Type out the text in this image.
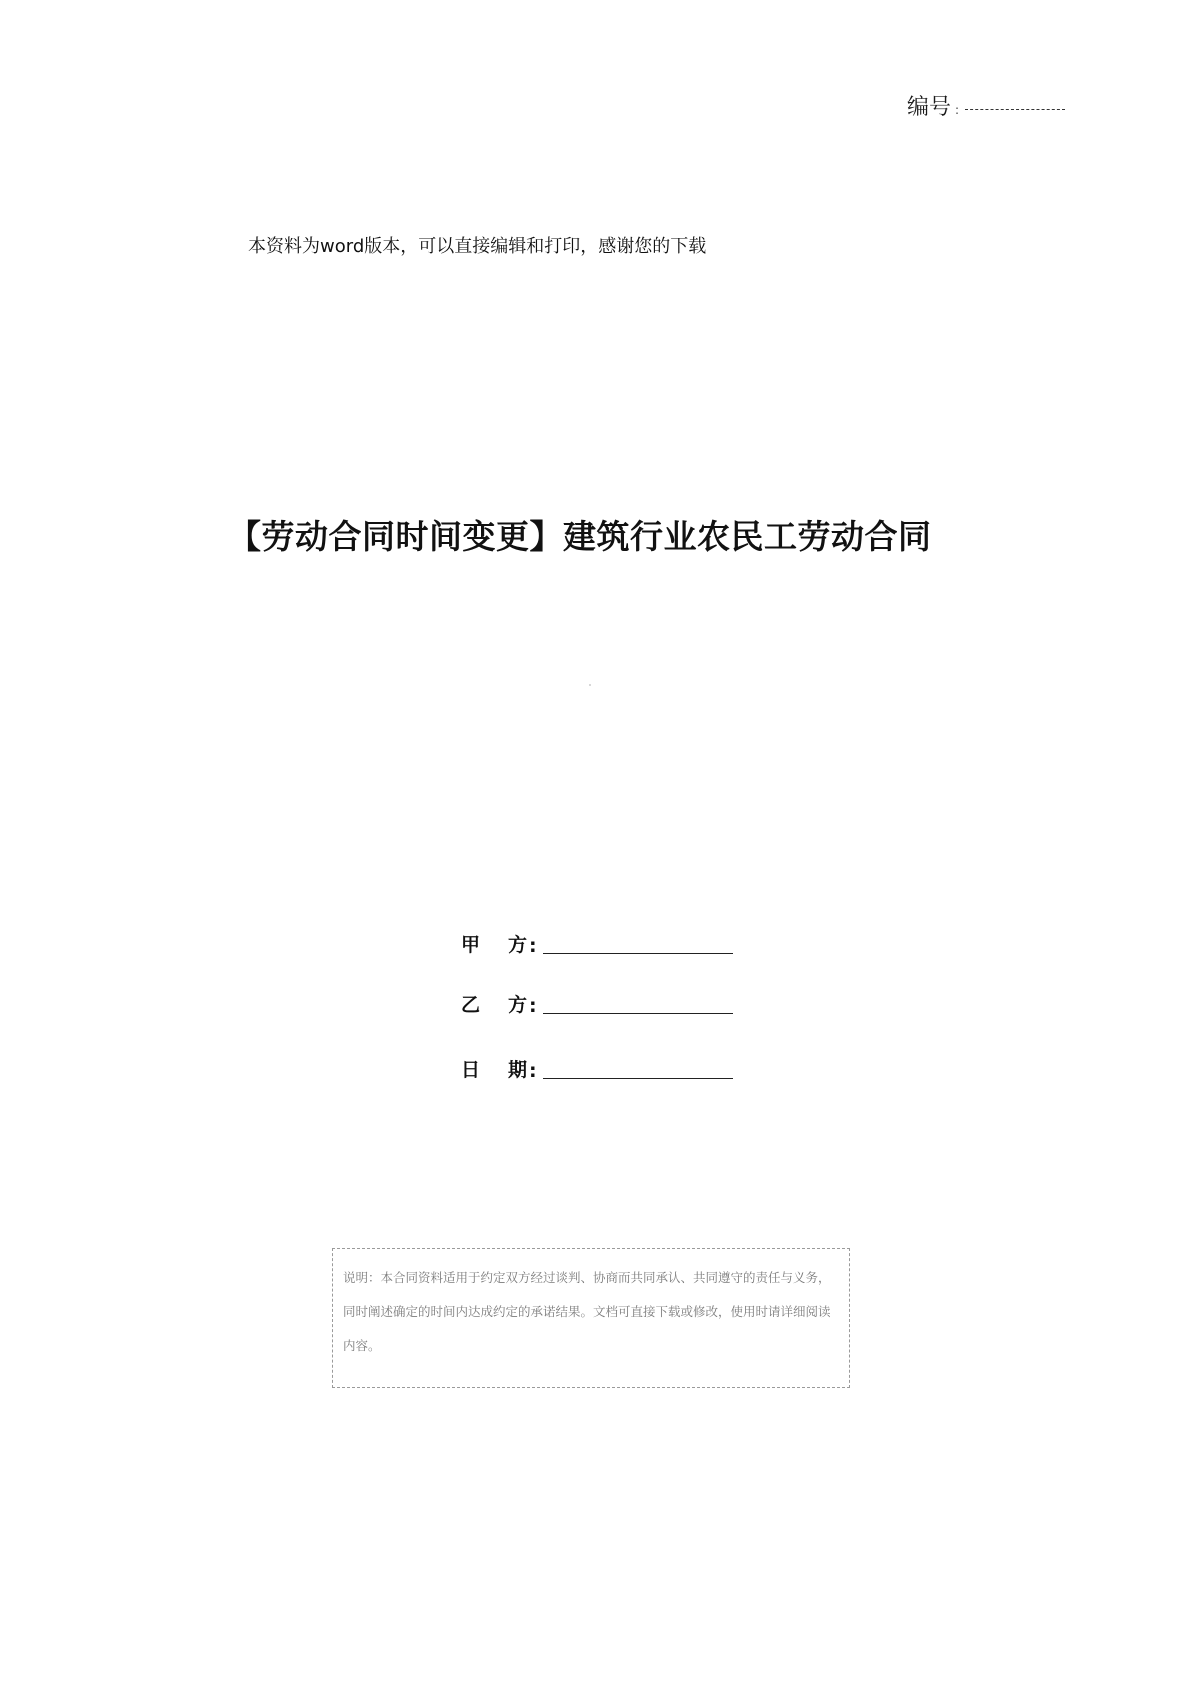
编号 :
本资料为word版本，可以直接编辑和打印，感谢您的下载
【劳动合同时间变更】建筑行业农民工劳动合同
甲 方 :
乙 方 :
日 期 :
说明：本合同资料适用于约定双方经过谈判、协商而共同承认、共同遵守的责任与义务，同时阐述确定的时间内达成约定的承诺结果。文档可直接下载或修改，使用时请详细阅读内容。
